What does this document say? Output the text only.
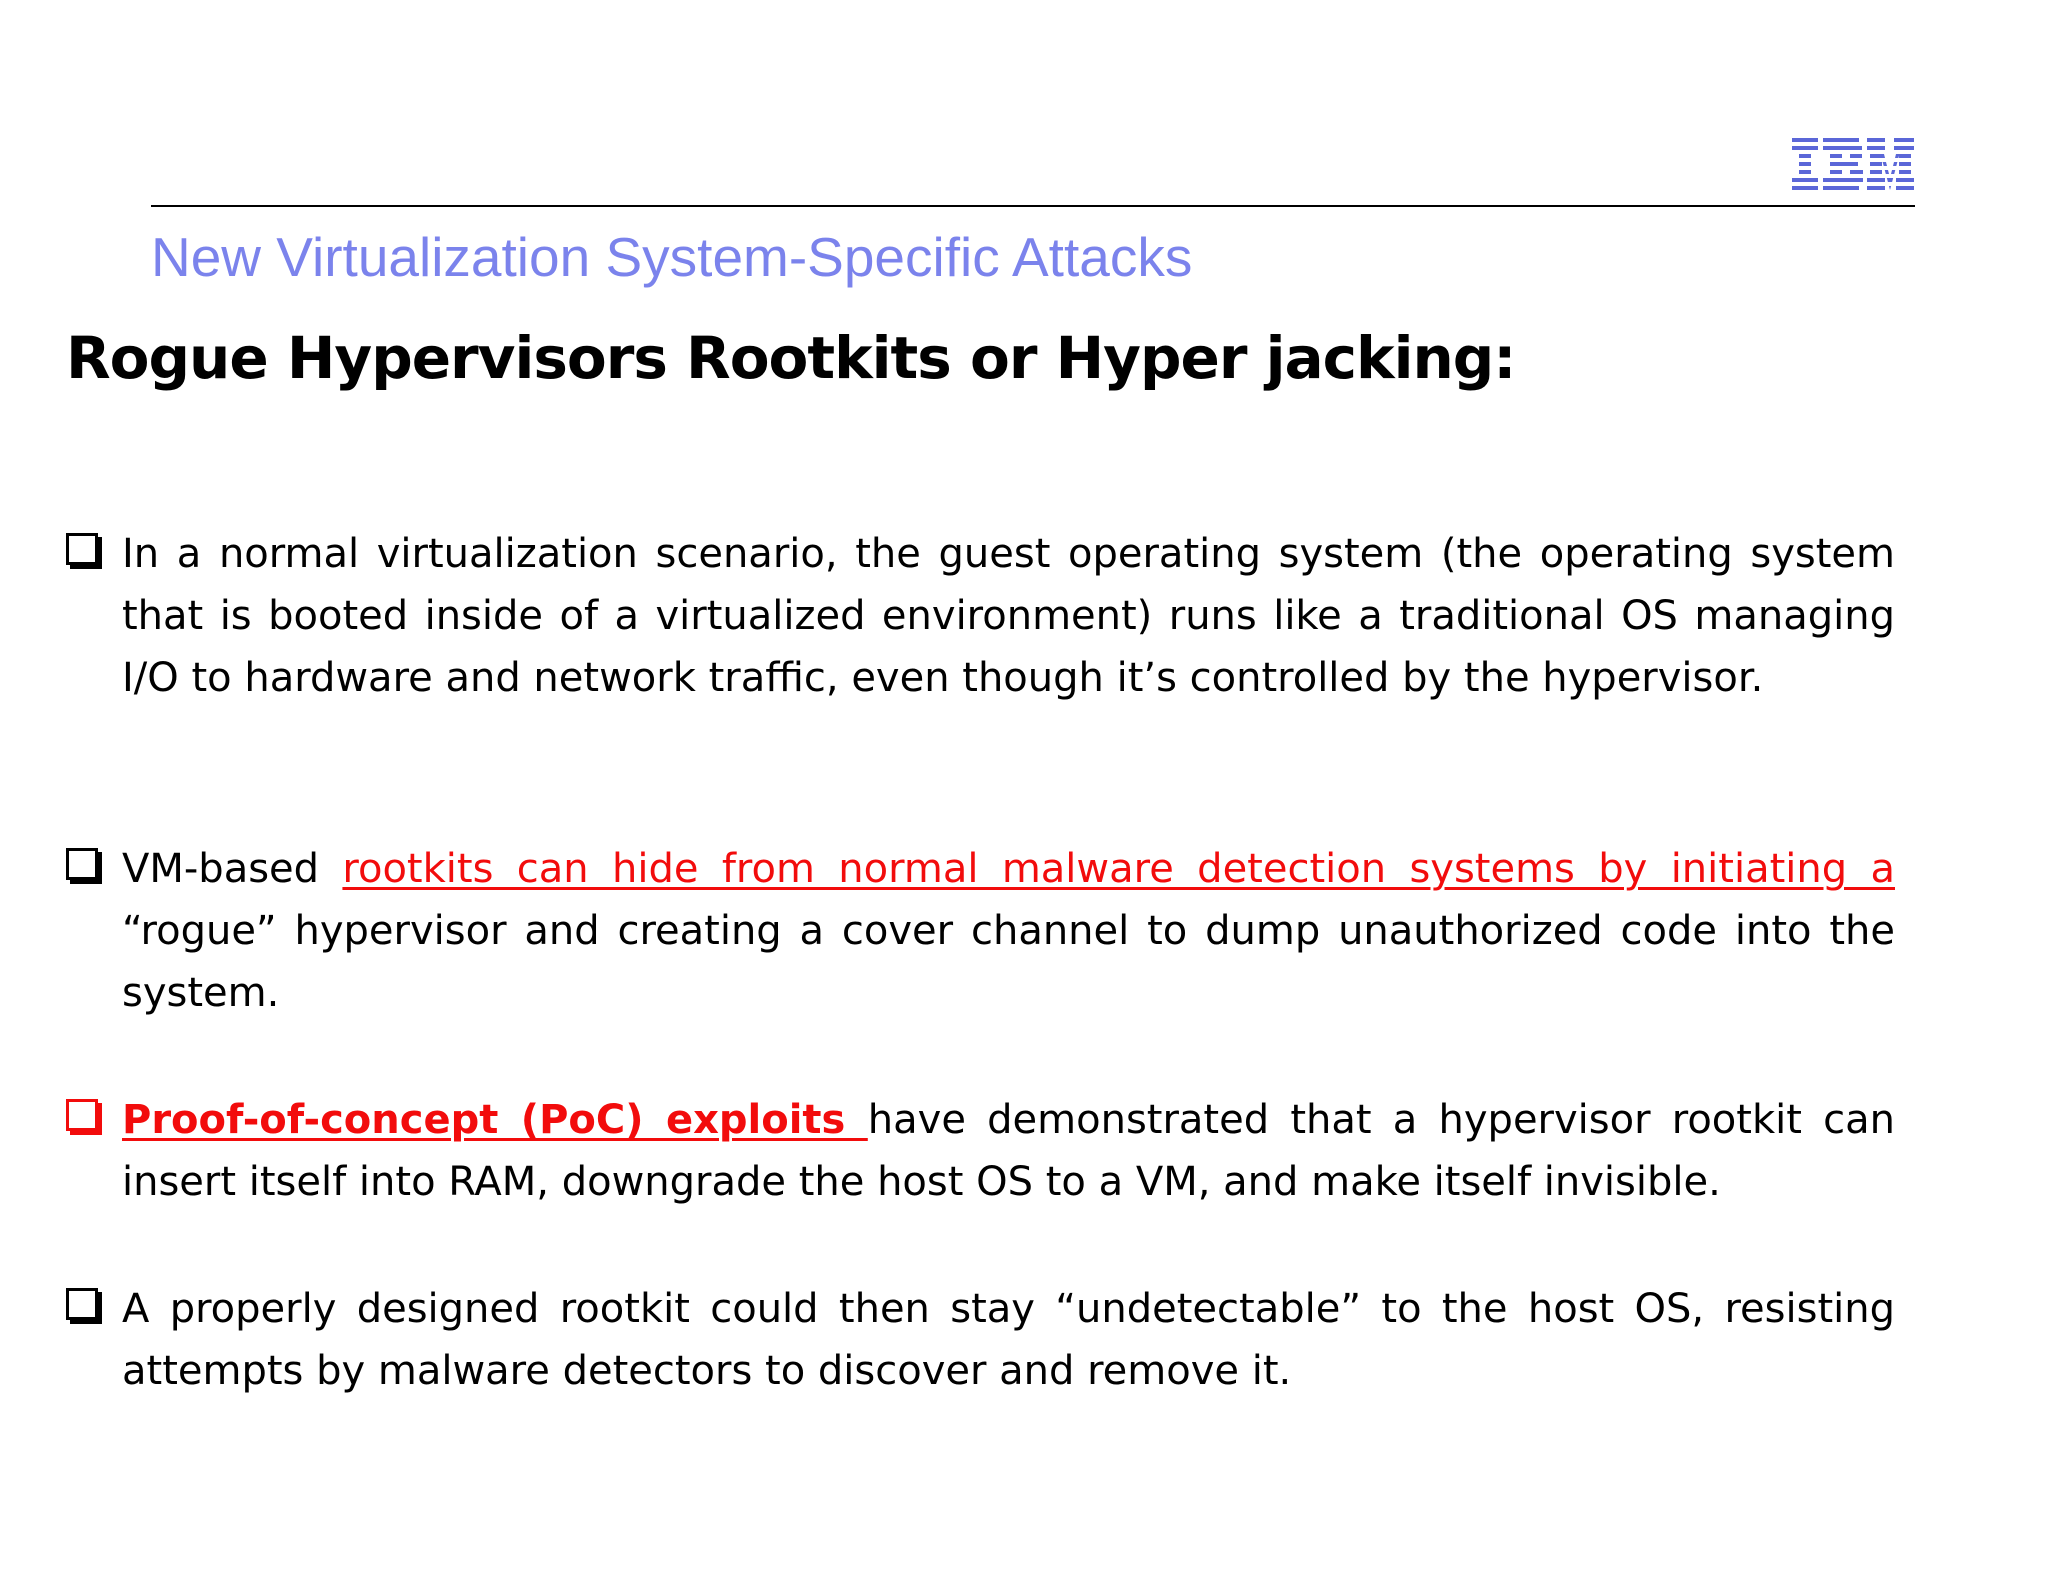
New Virtualization System-Specific Attacks
Rogue Hypervisors Rootkits or Hyper jacking:
In a normal virtualization scenario, the guest operating system (the operating system that is booted inside of a virtualized environment) runs like a traditional OS managing I/O to hardware and network traffic, even though it’s controlled by the hypervisor.
VM-based rootkits can hide from normal malware detection systems by initiating a “rogue” hypervisor and creating a cover channel to dump unauthorized code into the system.
Proof-of-concept (PoC) exploits have demonstrated that a hypervisor rootkit can insert itself into RAM, downgrade the host OS to a VM, and make itself invisible.
A properly designed rootkit could then stay “undetectable” to the host OS, resisting attempts by malware detectors to discover and remove it.
